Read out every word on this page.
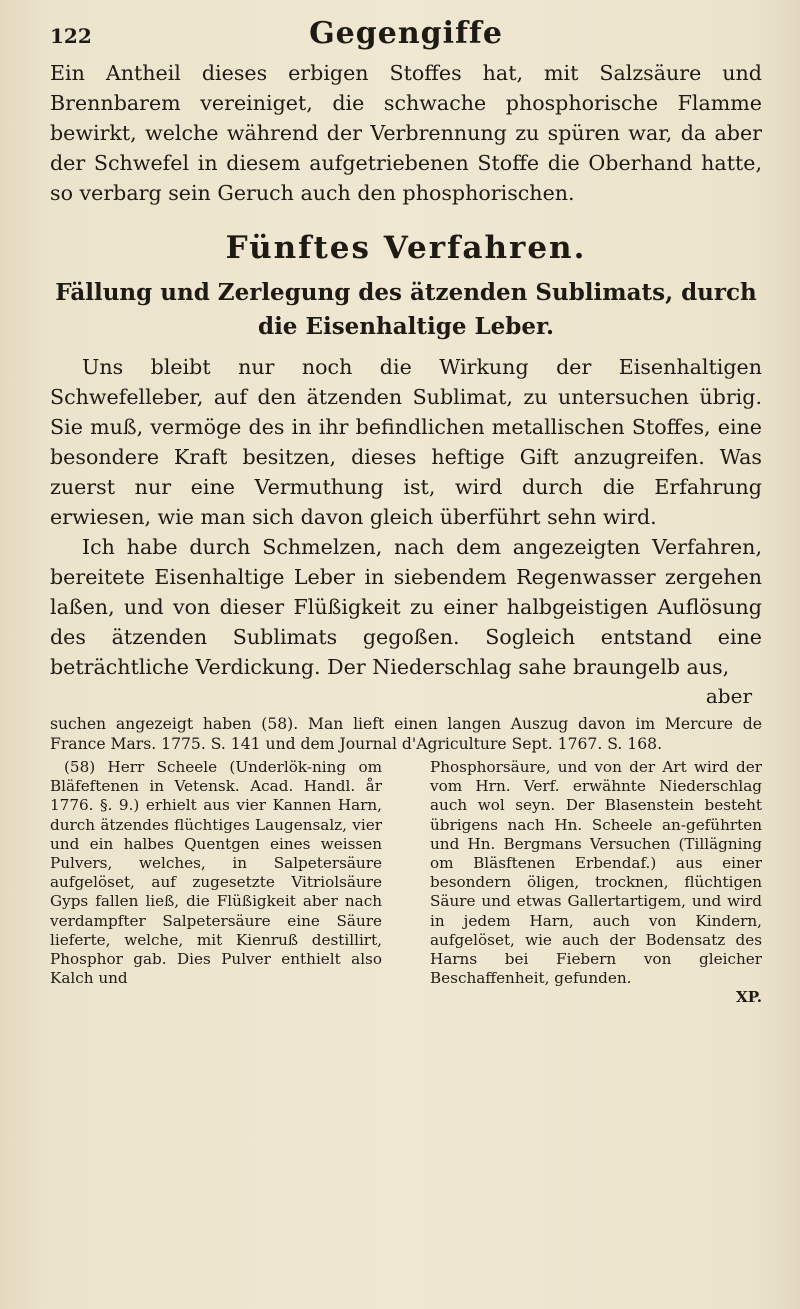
122	Gegengiffe

Ein Antheil dieses erbigen Stoffes hat, mit Salzsäure und Brennbarem vereiniget, die schwache phosphorische Flamme bewirkt, welche während der Verbrennung zu spüren war, da aber der Schwefel in diesem aufgetriebenen Stoffe die Oberhand hatte, so verbarg sein Geruch auch den phosphorischen.

Fünftes Verfahren.
Fällung und Zerlegung des ätzenden Sublimats, durch die Eisenhaltige Leber.

Uns bleibt nur noch die Wirkung der Eisenhaltigen Schwefelleber, auf den ätzenden Sublimat, zu untersuchen übrig. Sie muß, vermöge des in ihr befindlichen metallischen Stoffes, eine besondere Kraft besitzen, dieses heftige Gift anzugreifen. Was zuerst nur eine Vermuthung ist, wird durch die Erfahrung erwiesen, wie man sich davon gleich überführt sehn wird.

Ich habe durch Schmelzen, nach dem angezeigten Verfahren, bereitete Eisenhaltige Leber in siebendem Regenwasser zergehen laßen, und von dieser Flüßigkeit zu einer halbgeistigen Auflösung des ätzenden Sublimats gegoßen. Sogleich entstand eine beträchtliche Verdickung. Der Niederschlag sahe braungelb aus,

aber
suchen angezeigt haben (58). Man lieft einen langen Auszug davon im Mercure de France Mars. 1775. S. 141 und dem Journal d'Agriculture Sept. 1767. S. 168.

(58) Herr Scheele (Underlök-ning om Bläfeftenen in Vetensk. Acad. Handl. år 1776. §. 9.) erhielt aus vier Kannen Harn, durch ätzendes flüchtiges Laugensalz, vier und ein halbes Quentgen eines weissen Pulvers, welches, in Salpetersäure aufgelöset, auf zugesetzte Vitriolsäure Gyps fallen ließ, die Flüßigkeit aber nach verdampfter Salpetersäure eine Säure lieferte, welche, mit Kienruß destillirt, Phosphor gab. Dies Pulver enthielt also Kalch und

Phosphorsäure, und von der Art wird der vom Hrn. Verf. erwähnte Niederschlag auch wol seyn. Der Blasenstein besteht übrigens nach Hn. Scheele an-geführten und Hn. Bergmans Versuchen (Tillägning om Bläsftenen Erbendaf.) aus einer besondern öligen, trocknen, flüchtigen Säure und etwas Gallertartigem, und wird in jedem Harn, auch von Kindern, aufgelöset, wie auch der Bodensatz des Harns bei Fiebern von gleicher Beschaffenheit, gefunden.

XP.
